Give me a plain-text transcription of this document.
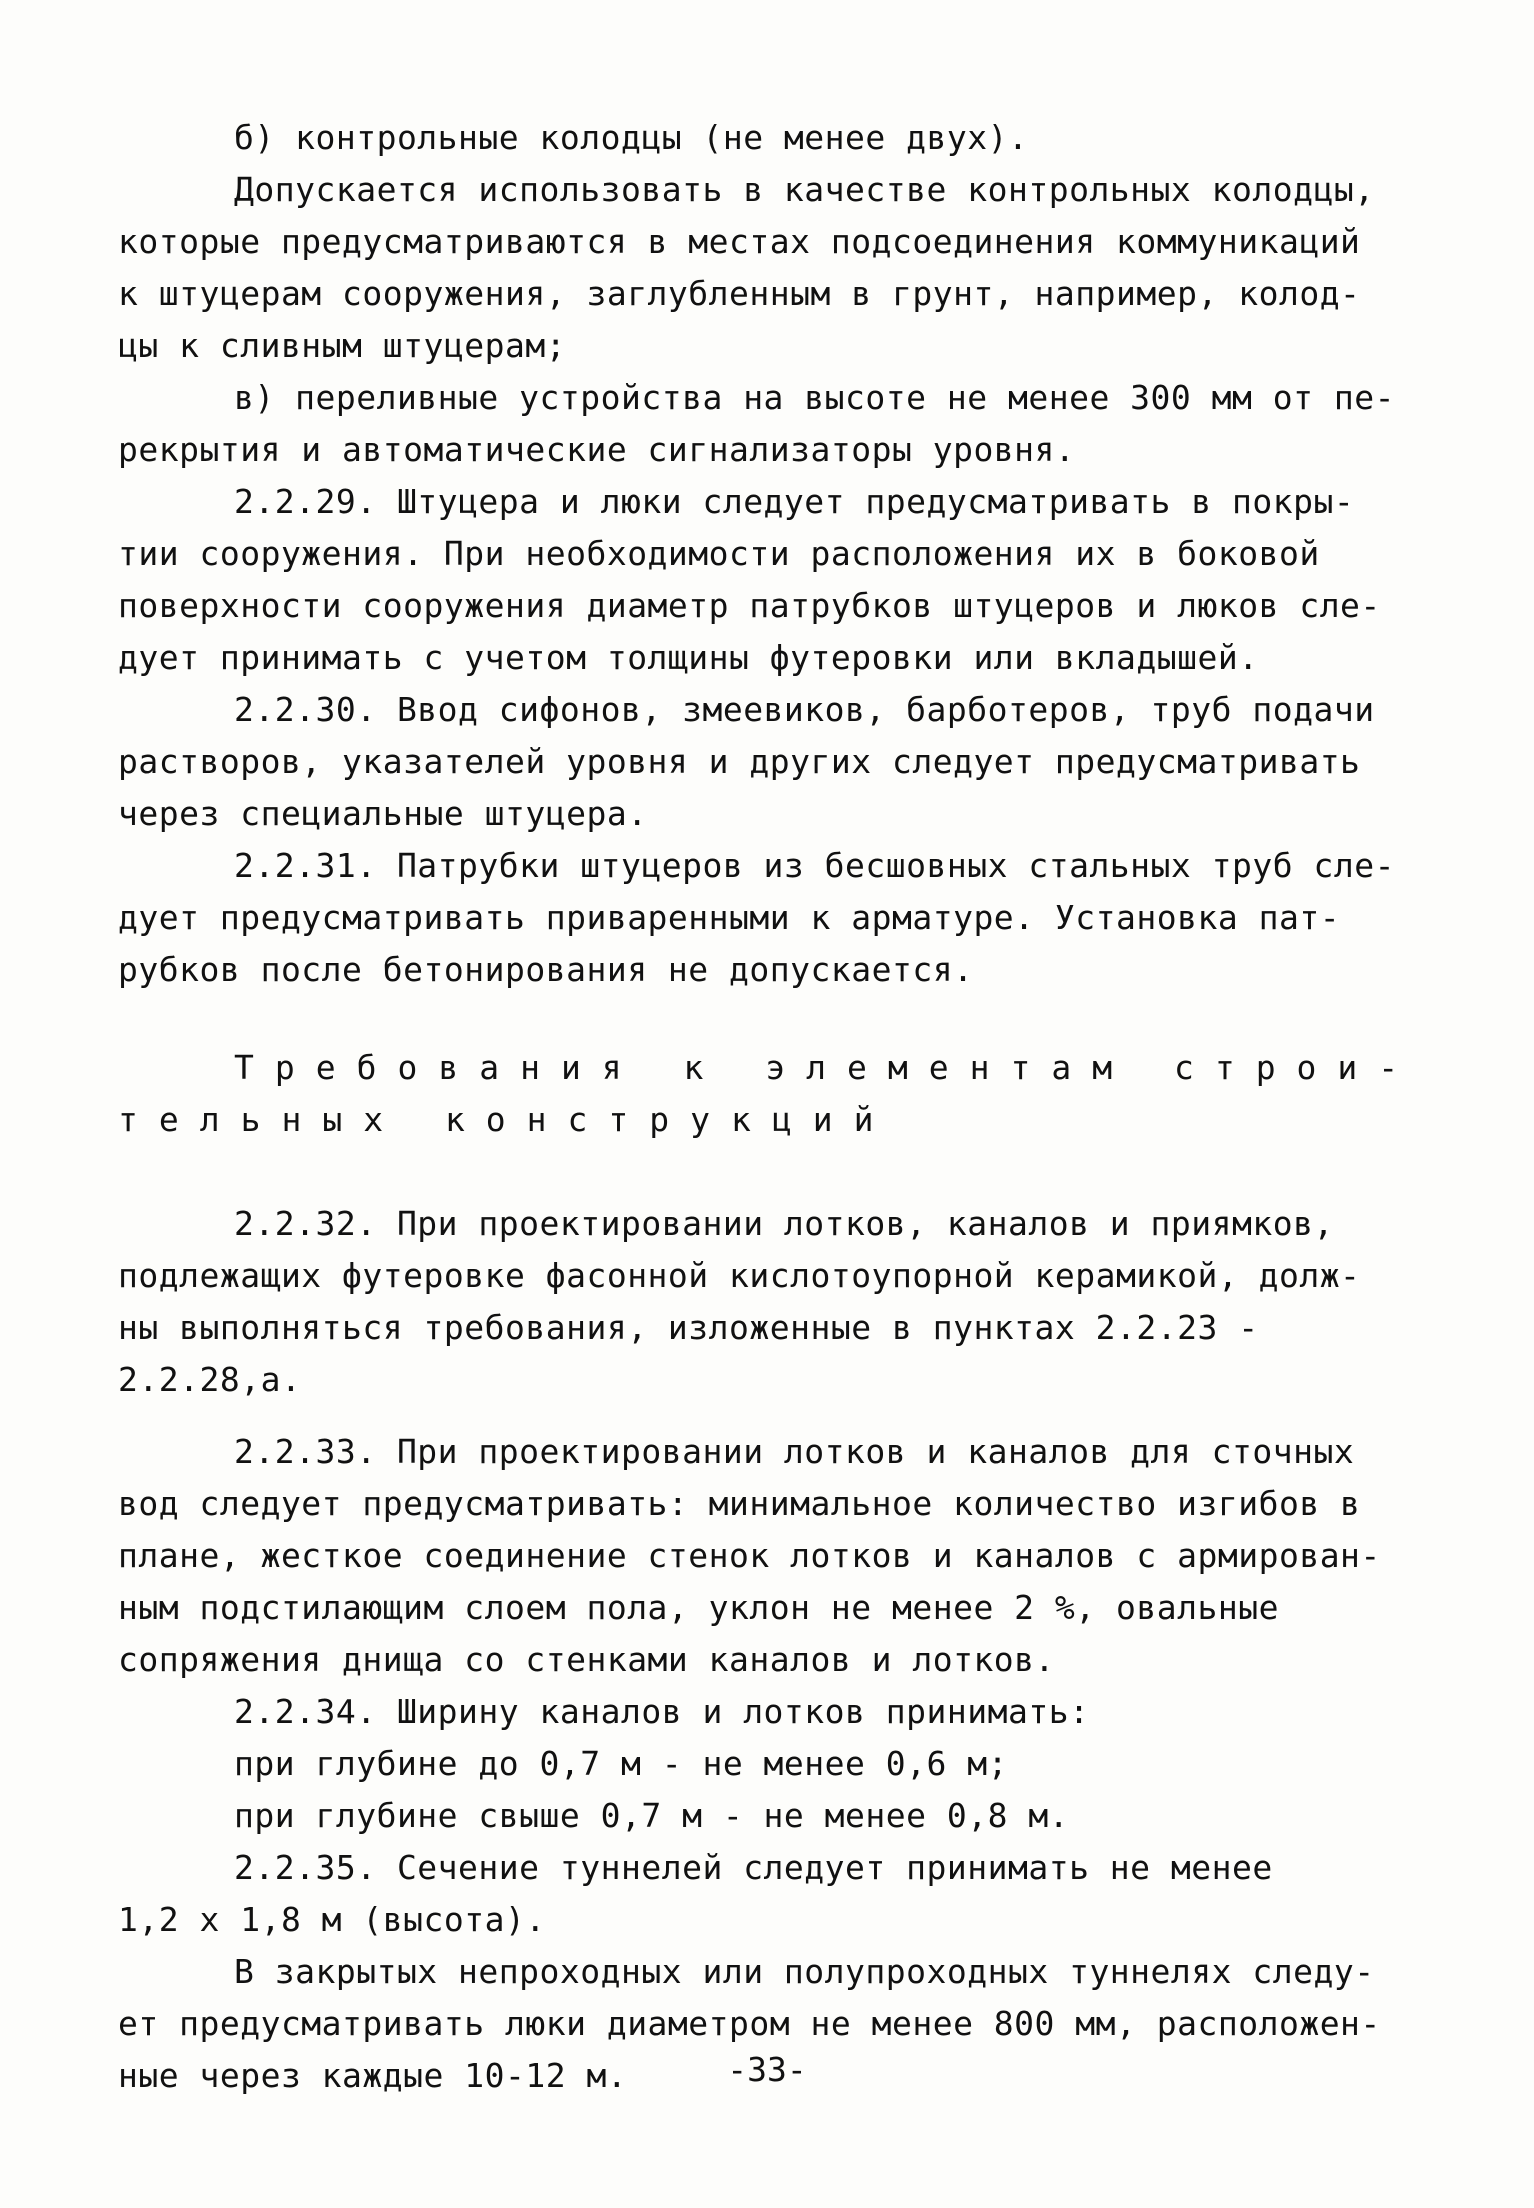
б) контрольные колодцы (не менее двух).
Допускается использовать в качестве контрольных колодцы,
которые предусматриваются в местах подсоединения коммуникаций
к штуцерам сооружения, заглубленным в грунт, например, колод-
цы к сливным штуцерам;
в) переливные устройства на высоте не менее 300 мм от пе-
рекрытия и автоматические сигнализаторы уровня.
2.2.29. Штуцера и люки следует предусматривать в покры-
тии сооружения. При необходимости расположения их в боковой
поверхности сооружения диаметр патрубков штуцеров и люков сле-
дует принимать с учетом толщины футеровки или вкладышей.
2.2.30. Ввод сифонов, змеевиков, барботеров, труб подачи
растворов, указателей уровня и других следует предусматривать
через специальные штуцера.
2.2.31. Патрубки штуцеров из бесшовных стальных труб сле-
дует предусматривать приваренными к арматуре. Установка пат-
рубков после бетонирования не допускается.
Требования к элементам строи-
тельных конструкций
2.2.32. При проектировании лотков, каналов и приямков,
подлежащих футеровке фасонной кислотоупорной керамикой, долж-
ны выполняться требования, изложенные в пунктах 2.2.23 -
2.2.28,а.
2.2.33. При проектировании лотков и каналов для сточных
вод следует предусматривать: минимальное количество изгибов в
плане, жесткое соединение стенок лотков и каналов с армирован-
ным подстилающим слоем пола, уклон не менее 2 %, овальные
сопряжения днища со стенками каналов и лотков.
2.2.34. Ширину каналов и лотков принимать:
при глубине до 0,7 м - не менее 0,6 м;
при глубине свыше 0,7 м - не менее 0,8 м.
2.2.35. Сечение туннелей следует принимать не менее
1,2 х 1,8 м (высота).
В закрытых непроходных или полупроходных туннелях следу-
ет предусматривать люки диаметром не менее 800 мм, расположен-
ные через каждые 10-12 м.	-33-
